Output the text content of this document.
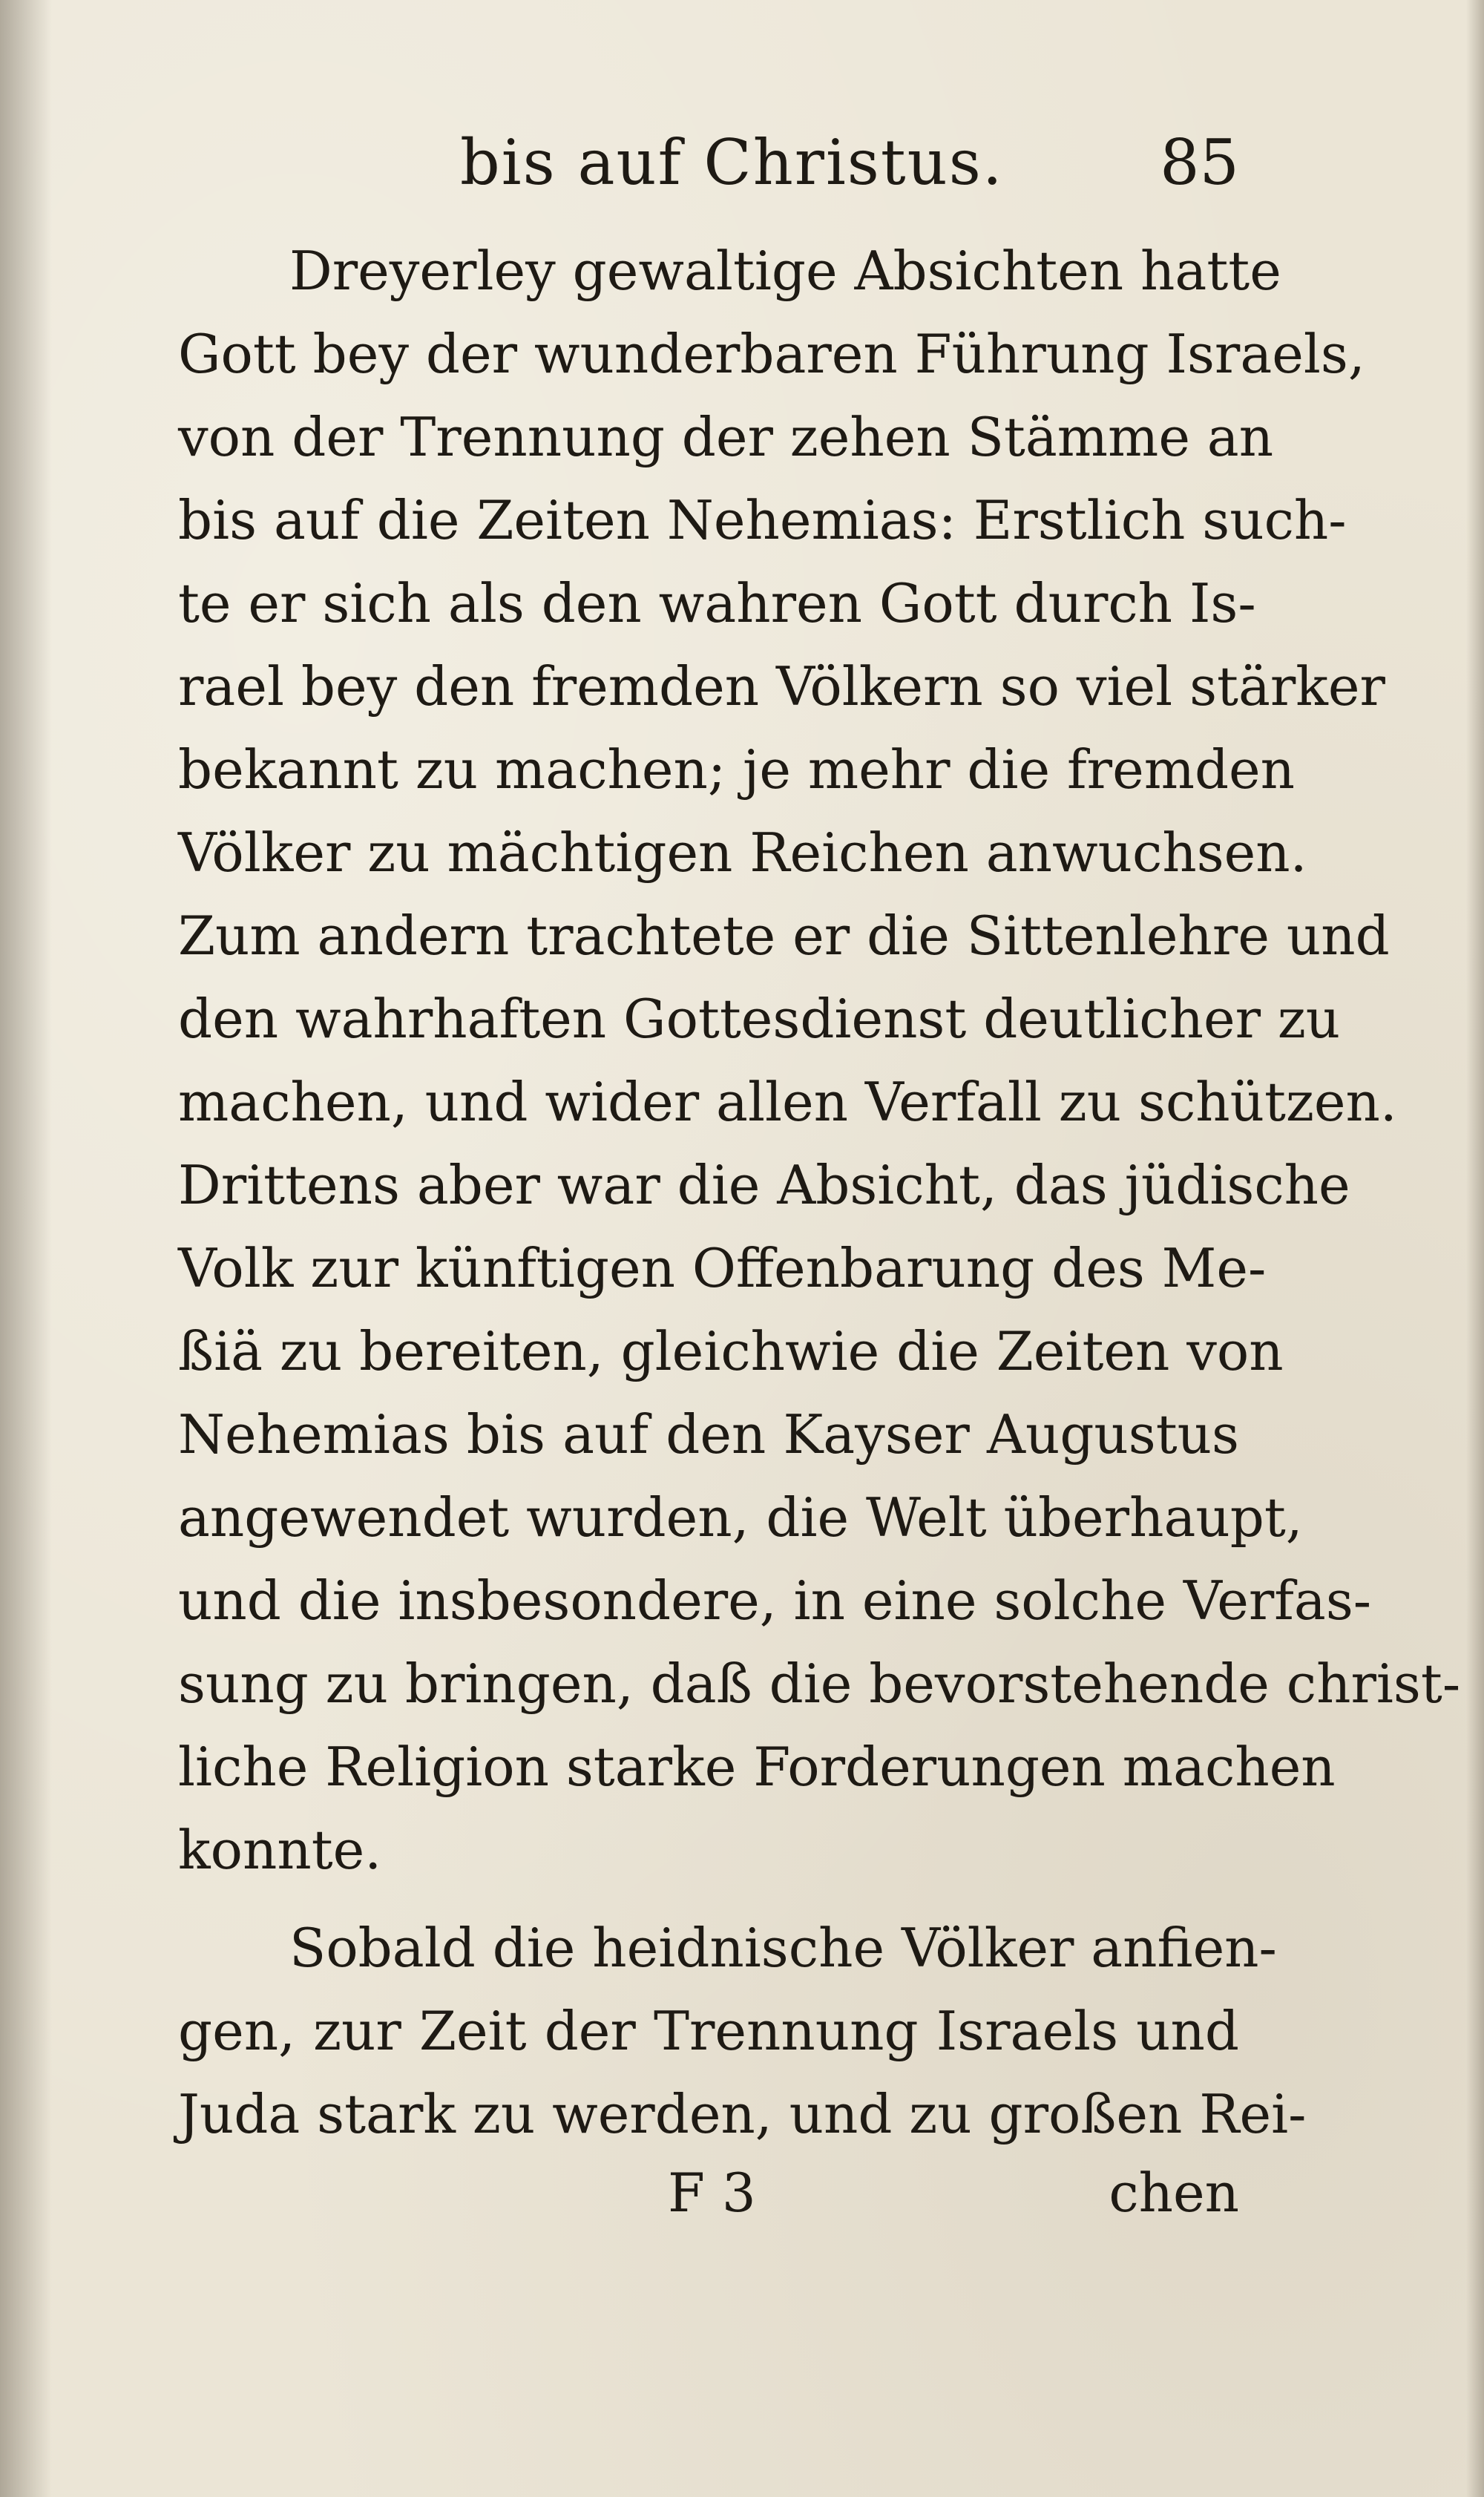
bis auf Christus.	85
Dreyerley gewaltige Absichten hatte
Gott bey der wunderbaren Führung Israels,
von der Trennung der zehen Stämme an
bis auf die Zeiten Nehemias: Erstlich such-
te er sich als den wahren Gott durch Is-
rael bey den fremden Völkern so viel stärker
bekannt zu machen; je mehr die fremden
Völker zu mächtigen Reichen anwuchsen.
Zum andern trachtete er die Sittenlehre und
den wahrhaften Gottesdienst deutlicher zu
machen, und wider allen Verfall zu schützen.
Drittens aber war die Absicht, das jüdische
Volk zur künftigen Offenbarung des Me-
ßiä zu bereiten, gleichwie die Zeiten von
Nehemias bis auf den Kayser Augustus
angewendet wurden, die Welt überhaupt,
und die insbesondere, in eine solche Verfas-
sung zu bringen, daß die bevorstehende christ-
liche Religion starke Forderungen machen
konnte.
Sobald die heidnische Völker anfien-
gen, zur Zeit der Trennung Israels und
Juda stark zu werden, und zu großen Rei-
F 3	chen
